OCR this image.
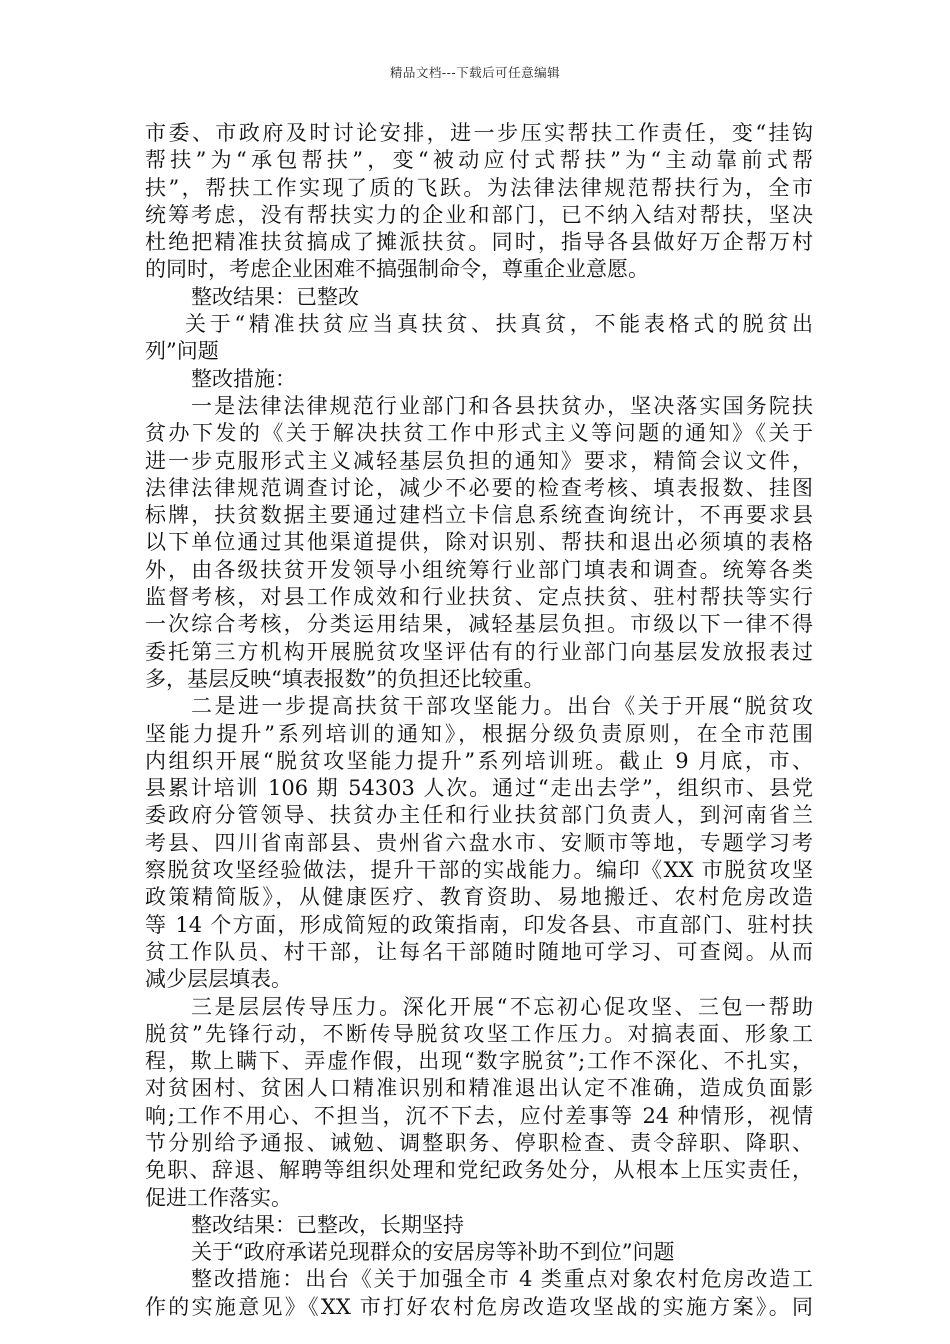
精品文档---下载后可任意编辑
市委、市政府及时讨论安排，进一步压实帮扶工作责任，变“挂钩
帮扶”为“承包帮扶”，变“被动应付式帮扶”为“主动靠前式帮
扶”，帮扶工作实现了质的飞跃。为法律法律规范帮扶行为，全市
统筹考虑，没有帮扶实力的企业和部门，已不纳入结对帮扶，坚决
杜绝把精准扶贫搞成了摊派扶贫。同时，指导各县做好万企帮万村
的同时，考虑企业困难不搞强制命令，尊重企业意愿。
整改结果：已整改
关于“精准扶贫应当真扶贫、扶真贫，不能表格式的脱贫出
列”问题
整改措施：
一是法律法律规范行业部门和各县扶贫办，坚决落实国务院扶
贫办下发的《关于解决扶贫工作中形式主义等问题的通知》《关于
进一步克服形式主义减轻基层负担的通知》要求，精简会议文件，
法律法律规范调查讨论，减少不必要的检查考核、填表报数、挂图
标牌，扶贫数据主要通过建档立卡信息系统查询统计，不再要求县
以下单位通过其他渠道提供，除对识别、帮扶和退出必须填的表格
外，由各级扶贫开发领导小组统筹行业部门填表和调查。统筹各类
监督考核，对县工作成效和行业扶贫、定点扶贫、驻村帮扶等实行
一次综合考核，分类运用结果，减轻基层负担。市级以下一律不得
委托第三方机构开展脱贫攻坚评估有的行业部门向基层发放报表过
多，基层反映“填表报数”的负担还比较重。
二是进一步提高扶贫干部攻坚能力。出台《关于开展“脱贫攻
坚能力提升”系列培训的通知》，根据分级负责原则，在全市范围
内组织开展“脱贫攻坚能力提升”系列培训班。截止 9 月底，市、
县累计培训 106 期 54303 人次。通过“走出去学”，组织市、县党
委政府分管领导、扶贫办主任和行业扶贫部门负责人，到河南省兰
考县、四川省南部县、贵州省六盘水市、安顺市等地，专题学习考
察脱贫攻坚经验做法，提升干部的实战能力。编印《XX 市脱贫攻坚
政策精简版》，从健康医疗、教育资助、易地搬迁、农村危房改造
等 14 个方面，形成简短的政策指南，印发各县、市直部门、驻村扶
贫工作队员、村干部，让每名干部随时随地可学习、可查阅。从而
减少层层填表。
三是层层传导压力。深化开展“不忘初心促攻坚、三包一帮助
脱贫”先锋行动，不断传导脱贫攻坚工作压力。对搞表面、形象工
程，欺上瞒下、弄虚作假，出现“数字脱贫”;工作不深化、不扎实，
对贫困村、贫困人口精准识别和精准退出认定不准确，造成负面影
响;工作不用心、不担当，沉不下去，应付差事等 24 种情形，视情
节分别给予通报、诫勉、调整职务、停职检查、责令辞职、降职、
免职、辞退、解聘等组织处理和党纪政务处分，从根本上压实责任，
促进工作落实。
整改结果：已整改，长期坚持
关于“政府承诺兑现群众的安居房等补助不到位”问题
整改措施：出台《关于加强全市 4 类重点对象农村危房改造工
作的实施意见》《XX 市打好农村危房改造攻坚战的实施方案》。同
